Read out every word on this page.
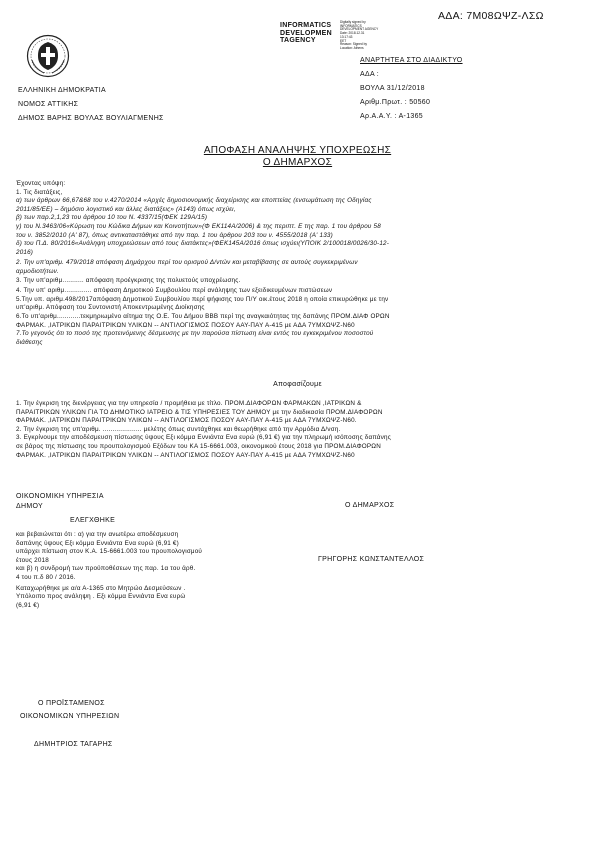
ΑΔΑ: 7Μ08ΩΨΖ-ΛΣΩ
INFORMATICS
DEVELOPMEN
TAGENCY
Digitally signed by
INFORMATICS
DEVELOPMENT AGENCY
Date: 2018.12.31
13:17:43
EET
Reason: Signed by
Location: Athens
ΕΛΛΗΝΙΚΗ ΔΗΜΟΚΡΑΤΙΑ
ΝΟΜΟΣ ΑΤΤΙΚΗΣ
ΔΗΜΟΣ ΒΑΡΗΣ ΒΟΥΛΑΣ ΒΟΥΛΙΑΓΜΕΝΗΣ
ΑΝΑΡΤΗΤΕΑ ΣΤΟ ΔΙΑΔΙΚΤΥΟ
ΑΔΑ :
ΒΟΥΛΑ 31/12/2018
Αριθμ.Πρωτ. : 50560
Αρ.Α.Α.Υ. : Α-1365
ΑΠΟΦΑΣΗ ΑΝΑΛΗΨΗΣ ΥΠΟΧΡΕΩΣΗΣ
Ο ΔΗΜΑΡΧΟΣ
Έχοντας υπόψη:
1. Τις διατάξεις,
α) των άρθρων 66,67&68 του ν.4270/2014 «Αρχές δημοσιονομικής διαχείρισης και εποπτείας (ενσωμάτωση της Οδηγίας
2011/85/ΕΕ) – δημόσιο λογιστικό και άλλες διατάξεις» (Α143) όπως ισχύει,
β) των παρ.2,1,23 του άρθρου 10 του Ν. 4337/15(ΦΕΚ 129Α/15)
γ) του Ν.3463/06«Κύρωση του Κώδικα Δήμων και Κοινοτήτων»(Φ ΕΚ114Α/2006) & της περιπτ. Ε της παρ. 1 του άρθρου 58
του ν. 3852/2010 (Α' 87), όπως αντικαταστάθηκε από την παρ. 1 του άρθρου 203 του ν. 4555/2018 (Α' 133)
δ) του Π.Δ. 80/2016«Ανάληψη υποχρεώσεων από τους διατάκτες»(ΦΕΚ145Α/2016 όπως ισχύει(ΥΠΟΙΚ 2/100018/0026/30-12-
2016)
2. Την υπ'αριθμ. 479/2018 απόφαση Δημάρχου περί του ορισμού Δ/ντών και μεταβίβασης σε αυτούς συγκεκριμένων
αρμοδιοτήτων.
3. Την υπ'αριθμ........... απόφαση προέγκρισης της πολυετούς υποχρέωσης.
4. Την υπ' αριθμ.............. απόφαση Δημοτικού Συμβουλίου περί ανάληψης των εξειδικευμένων πιστώσεων
5.Την υπ. αριθμ.498/2017απόφαση Δημοτικού Συμβουλίου περί ψήφισης του Π/Υ οικ.έτους 2018 η οποία επικυρώθηκε με την
υπ'αριθμ. Απόφαση του Συντονιστή Αποκεντρωμένης Διοίκησης
6.Το υπ'αριθμ............τεκμηριωμένο αίτημα της Ο.Ε. Του Δήμου ΒΒΒ περί της αναγκαιότητας της δαπάνης ΠΡΟΜ.ΔΙΑΦ ΟΡΩΝ
ΦΑΡΜΑΚ. ,ΙΑΤΡΙΚΩΝ ΠΑΡΑΙΤΡΙΚΩΝ ΥΛΙΚΩΝ -- ΑΝΤΙΛΟΓΙΣΜΟΣ ΠΟΣΟΥ ΑΑΥ-ΠΑΥ Α-415 με ΑΔΑ 7ΥΜΧΩΨΖ-Ν60
7.Το γεγονός ότι το ποσό της προτεινόμενης δέσμευσης με την παρούσα πίστωση είναι εντός του εγκεκριμένου ποσοστού
διάθεσης
Αποφασίζουμε
1. Την έγκριση της διενέργειας για την υπηρεσία / προμήθεια με τίτλο. ΠΡΟΜ.ΔΙΑΦΟΡΩΝ ΦΑΡΜΑΚΩΝ ,ΙΑΤΡΙΚΩΝ &
ΠΑΡΑΙΤΡΙΚΩΝ ΥΛΙΚΩΝ ΓΙΑ ΤΟ ΔΗΜΟΤΙΚΟ ΙΑΤΡΕΙΟ & ΤΙΣ ΥΠΗΡΕΣΙΕΣ ΤΟΥ ΔΗΜΟΥ με την διαδικασία ΠΡΟΜ.ΔΙΑΦΟΡΩΝ
ΦΑΡΜΑΚ. ,ΙΑΤΡΙΚΩΝ ΠΑΡΑΙΤΡΙΚΩΝ ΥΛΙΚΩΝ -- ΑΝΤΙΛΟΓΙΣΜΟΣ ΠΟΣΟΥ ΑΑΥ-ΠΑΥ Α-415 με ΑΔΑ 7ΥΜΧΩΨΖ-Ν60.
2. Την έγκριση της υπ'αριθμ. .................... μελέτης όπως συντάχθηκε και θεωρήθηκε από την Αρμόδια Δ/νση.
3. Εγκρίνουμε την αποδέσμευση πίστωσης ύψους Εξι κόμμα Εννιάντα Ενα ευρώ (6,91 €) για την πληρωμή ισόποσης δαπάνης
σε βάρος της πίστωσης του προυπολογισμού Εξόδων του ΚΑ 15-6661.003, οικονομικού έτους 2018 για ΠΡΟΜ.ΔΙΑΦΟΡΩΝ
ΦΑΡΜΑΚ. ,ΙΑΤΡΙΚΩΝ ΠΑΡΑΙΤΡΙΚΩΝ ΥΛΙΚΩΝ -- ΑΝΤΙΛΟΓΙΣΜΟΣ ΠΟΣΟΥ ΑΑΥ-ΠΑΥ Α-415 με ΑΔΑ 7ΥΜΧΩΨΖ-Ν60
ΟΙΚΟΝΟΜΙΚΗ ΥΠΗΡΕΣΙΑ
ΔΗΜΟΥ
ΕΛΕΓΧΘΗΚΕ
Ο ΔΗΜΑΡΧΟΣ
ΓΡΗΓΟΡΗΣ ΚΩΝΣΤΑΝΤΕΛΛΟΣ
και βεβαιώνεται ότι : α) για την ανωτέρω αποδέσμευση
δαπάνης ύψους Εξι κόμμα Εννιάντα Ενα ευρώ (6,91 €)
υπάρχει πίστωση στον Κ.Α. 15-6661.003 του προυπολογισμού
έτους 2018
και β) η συνδρομή των προϋποθέσεων της παρ. 1α του άρθ.
4 του π.δ 80 / 2016.
Καταχωρήθηκε με α/α Α-1365 στο Μητρώο Δεσμεύσεων .
Υπόλοιπο προς ανάληψη . Εξι κόμμα Εννιάντα Ενα ευρώ
(6,91 €)
Ο ΠΡΟΪΣΤΑΜΕΝΟΣ
ΟΙΚΟΝΟΜΙΚΩΝ ΥΠΗΡΕΣΙΩΝ
ΔΗΜΗΤΡΙΟΣ ΤΑΓΑΡΗΣ
